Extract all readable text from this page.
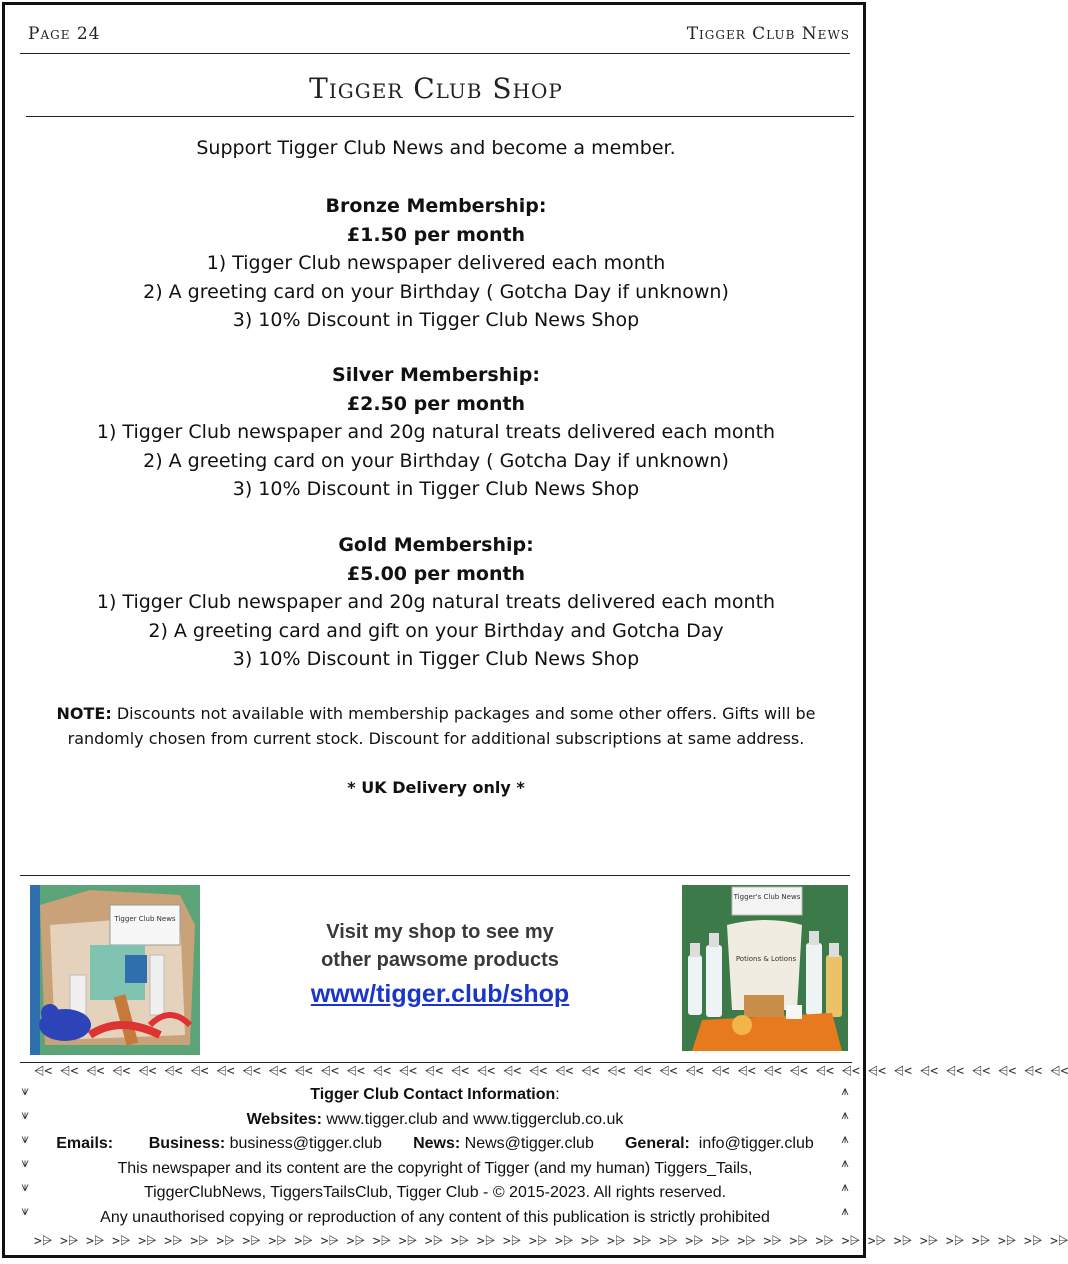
Page 24	Tigger Club News
Tigger Club Shop
Support Tigger Club News and become a member.
Bronze Membership:
£1.50 per month
1) Tigger Club newspaper delivered each month
2) A greeting card on your Birthday ( Gotcha Day if unknown)
3) 10% Discount in Tigger Club News Shop
Silver Membership:
£2.50 per month
1) Tigger Club newspaper and 20g natural treats delivered each month
2) A greeting card on your Birthday ( Gotcha Day if unknown)
3) 10% Discount in Tigger Club News Shop
Gold Membership:
£5.00 per month
1) Tigger Club newspaper and 20g natural treats delivered each month
2) A greeting card and gift on your Birthday and Gotcha Day
3) 10% Discount in Tigger Club News Shop
NOTE: Discounts not available with membership packages and some other offers. Gifts will be randomly chosen from current stock. Discount for additional subscriptions at same address.
* UK Delivery only *
Tigger Club News
Visit my shop to see my
other pawsome products
www/tigger.club/shop
Tigger's Club News
Potions & Lotions
⩤< ⩤< ⩤< ⩤< ⩤< ⩤< ⩤< ⩤< ⩤< ⩤< ⩤< ⩤< ⩤< ⩤< ⩤< ⩤< ⩤< ⩤< ⩤< ⩤< ⩤< ⩤< ⩤< ⩤< ⩤< ⩤< ⩤< ⩤< ⩤< ⩤< ⩤< ⩤< ⩤< ⩤< ⩤< ⩤< ⩤< ⩤< ⩤< ⩤<
>⩥ >⩥ >⩥ >⩥ >⩥ >⩥ >⩥ >⩥ >⩥ >⩥ >⩥ >⩥ >⩥ >⩥ >⩥ >⩥ >⩥ >⩥ >⩥ >⩥ >⩥ >⩥ >⩥ >⩥ >⩥ >⩥ >⩥ >⩥ >⩥ >⩥ >⩥ >⩥ >⩥ >⩥ >⩥ >⩥ >⩥ >⩥ >⩥ >⩥
⩛
⩛
⩛
⩛
⩛
⩛
⩚
⩚
⩚
⩚
⩚
⩚
Tigger Club Contact Information:
Websites: www.tigger.club and www.tiggerclub.co.uk
Emails: Business: business@tigger.club News: News@tigger.club General: info@tigger.club
This newspaper and its content are the copyright of Tigger (and my human) Tiggers_Tails,
TiggerClubNews, TiggersTailsClub, Tigger Club - © 2015-2023. All rights reserved.
Any unauthorised copying or reproduction of any content of this publication is strictly prohibited
